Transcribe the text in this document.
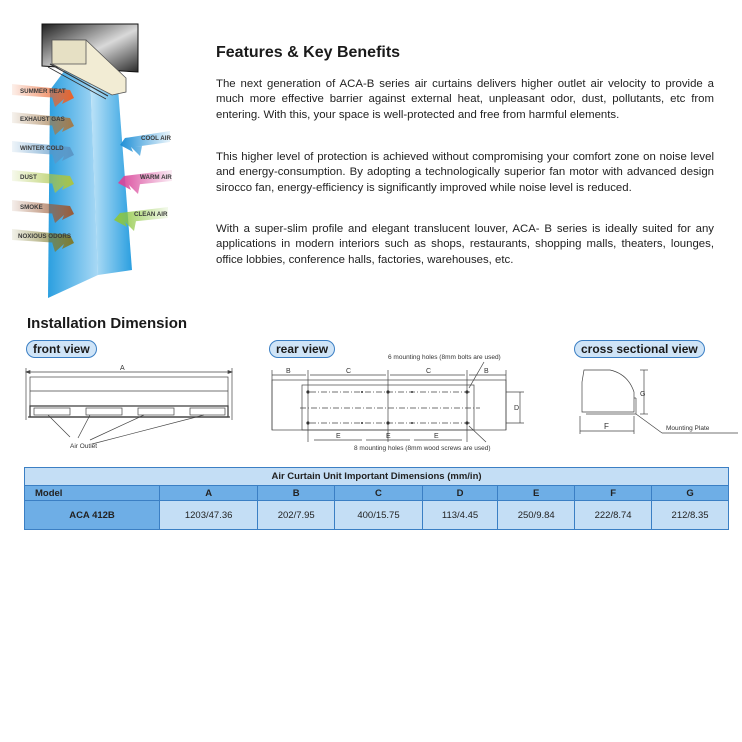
SUMMER HEAT
EXHAUST GAS
WINTER COLD
DUST
SMOKE
NOXIOUS ODORS
COOL AIR
WARM AIR
CLEAN AIR
Features & Key Benefits

The next generation of ACA-B series air curtains delivers higher outlet air velocity to provide a much more effective barrier against external heat, unpleasant odor, dust, pollutants, etc from entering. With this, your space is well-protected and free from harmful elements.

This higher level of protection is achieved without compromising your comfort zone on noise level and energy-consumption. By adopting a technologically superior fan motor with advanced design sirocco fan, energy-efficiency is significantly improved while noise level is reduced.

With a super-slim profile and elegant translucent louver, ACA- B series is ideally suited for any applications in modern interiors such as shops, restaurants, shopping malls, theaters, lounges, office lobbies, conference halls, factories, warehouses, etc.

Installation Dimension
front view	rear view	cross sectional view
A
Air Outlet
6 mounting holes (8mm bolts are used)
B	C	C	B
D
E	E	E
8 mounting holes (8mm wood screws are used)
G
F	Mounting Plate
Air Curtain Unit Important Dimensions (mm/in)							
Model	A	B	C	D	E	F	G
ACA 412B	1203/47.36	202/7.95	400/15.75	113/4.45	250/9.84	222/8.74	212/8.35
